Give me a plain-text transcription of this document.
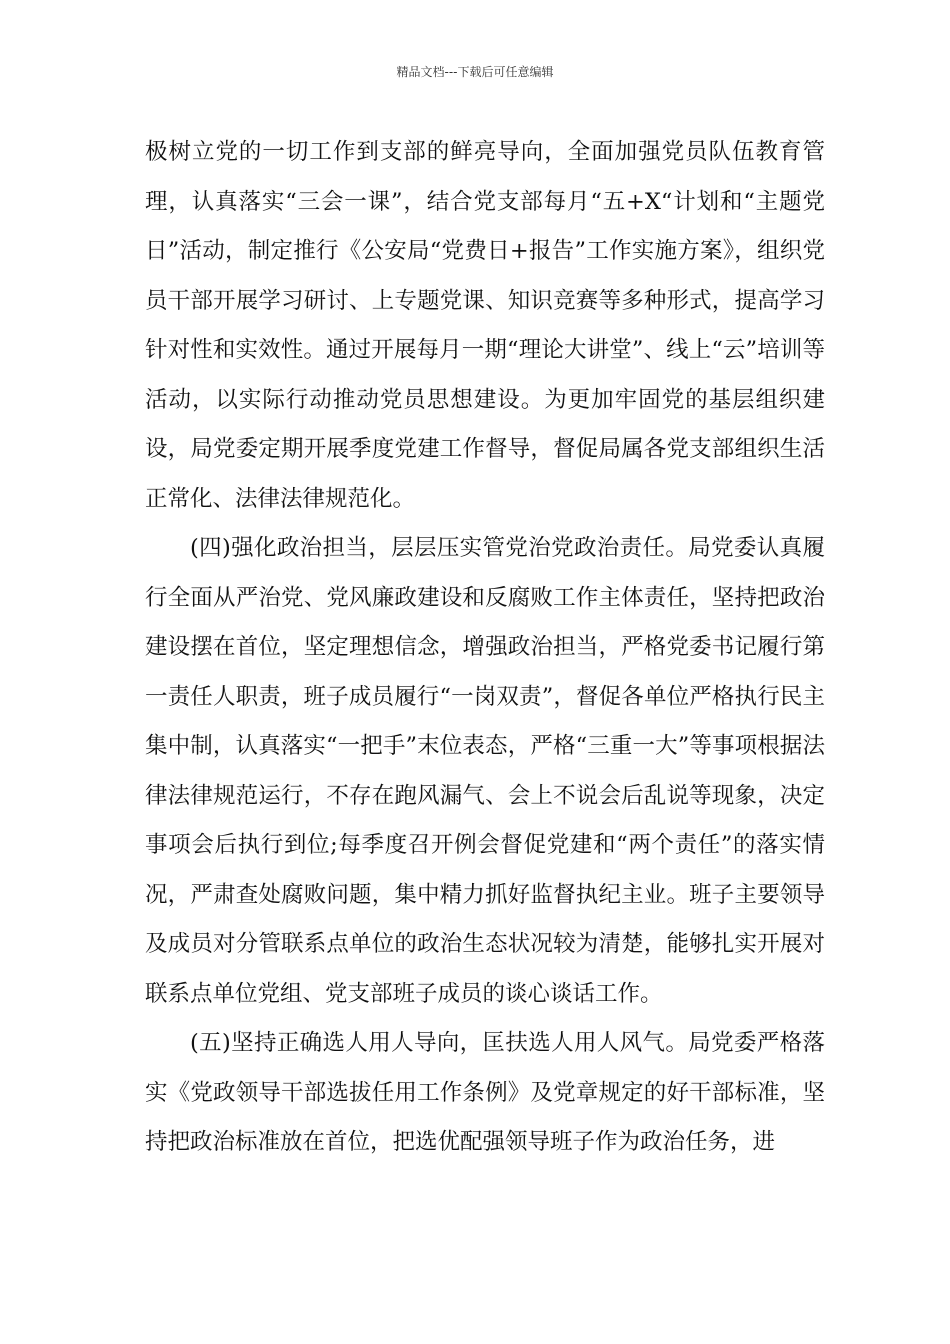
精品文档---下载后可任意编辑

极树立党的一切工作到支部的鲜亮导向，全面加强党员队伍教育管理，认真落实“三会一课”，结合党支部每月“五+X“计划和“主题党日”活动，制定推行《公安局“党费日+报告”工作实施方案》，组织党员干部开展学习研讨、上专题党课、知识竞赛等多种形式，提高学习针对性和实效性。通过开展每月一期“理论大讲堂”、线上“云”培训等活动，以实际行动推动党员思想建设。为更加牢固党的基层组织建设，局党委定期开展季度党建工作督导，督促局属各党支部组织生活正常化、法律法律规范化。

(四)强化政治担当，层层压实管党治党政治责任。局党委认真履行全面从严治党、党风廉政建设和反腐败工作主体责任，坚持把政治建设摆在首位，坚定理想信念，增强政治担当，严格党委书记履行第一责任人职责，班子成员履行“一岗双责”，督促各单位严格执行民主集中制，认真落实“一把手”末位表态，严格“三重一大”等事项根据法律法律规范运行，不存在跑风漏气、会上不说会后乱说等现象，决定事项会后执行到位;每季度召开例会督促党建和“两个责任”的落实情况，严肃查处腐败问题，集中精力抓好监督执纪主业。班子主要领导及成员对分管联系点单位的政治生态状况较为清楚，能够扎实开展对联系点单位党组、党支部班子成员的谈心谈话工作。

(五)坚持正确选人用人导向，匡扶选人用人风气。局党委严格落实《党政领导干部选拔任用工作条例》及党章规定的好干部标准，坚持把政治标准放在首位，把选优配强领导班子作为政治任务，进
